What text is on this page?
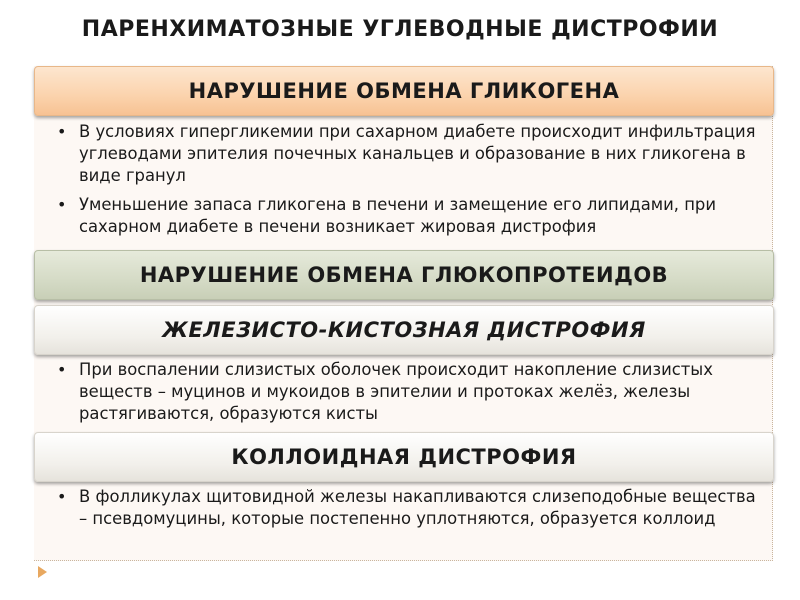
ПАРЕНХИМАТОЗНЫЕ УГЛЕВОДНЫЕ ДИСТРОФИИ
НАРУШЕНИЕ ОБМЕНА ГЛИКОГЕНА
• В условиях гипергликемии при сахарном диабете происходит инфильтрация углеводами эпителия почечных канальцев и образование в них гликогена в виде гранул
• Уменьшение запаса гликогена в печени и замещение его липидами, при сахарном диабете в печени возникает жировая дистрофия
НАРУШЕНИЕ ОБМЕНА ГЛЮКОПРОТЕИДОВ
ЖЕЛЕЗИСТО-КИСТОЗНАЯ ДИСТРОФИЯ
• При воспалении слизистых оболочек происходит накопление слизистых веществ – муцинов и мукоидов в эпителии и протоках желёз, железы растягиваются, образуются кисты
КОЛЛОИДНАЯ ДИСТРОФИЯ
• В фолликулах щитовидной железы накапливаются слизеподобные вещества – псевдомуцины, которые постепенно уплотняются, образуется коллоид
